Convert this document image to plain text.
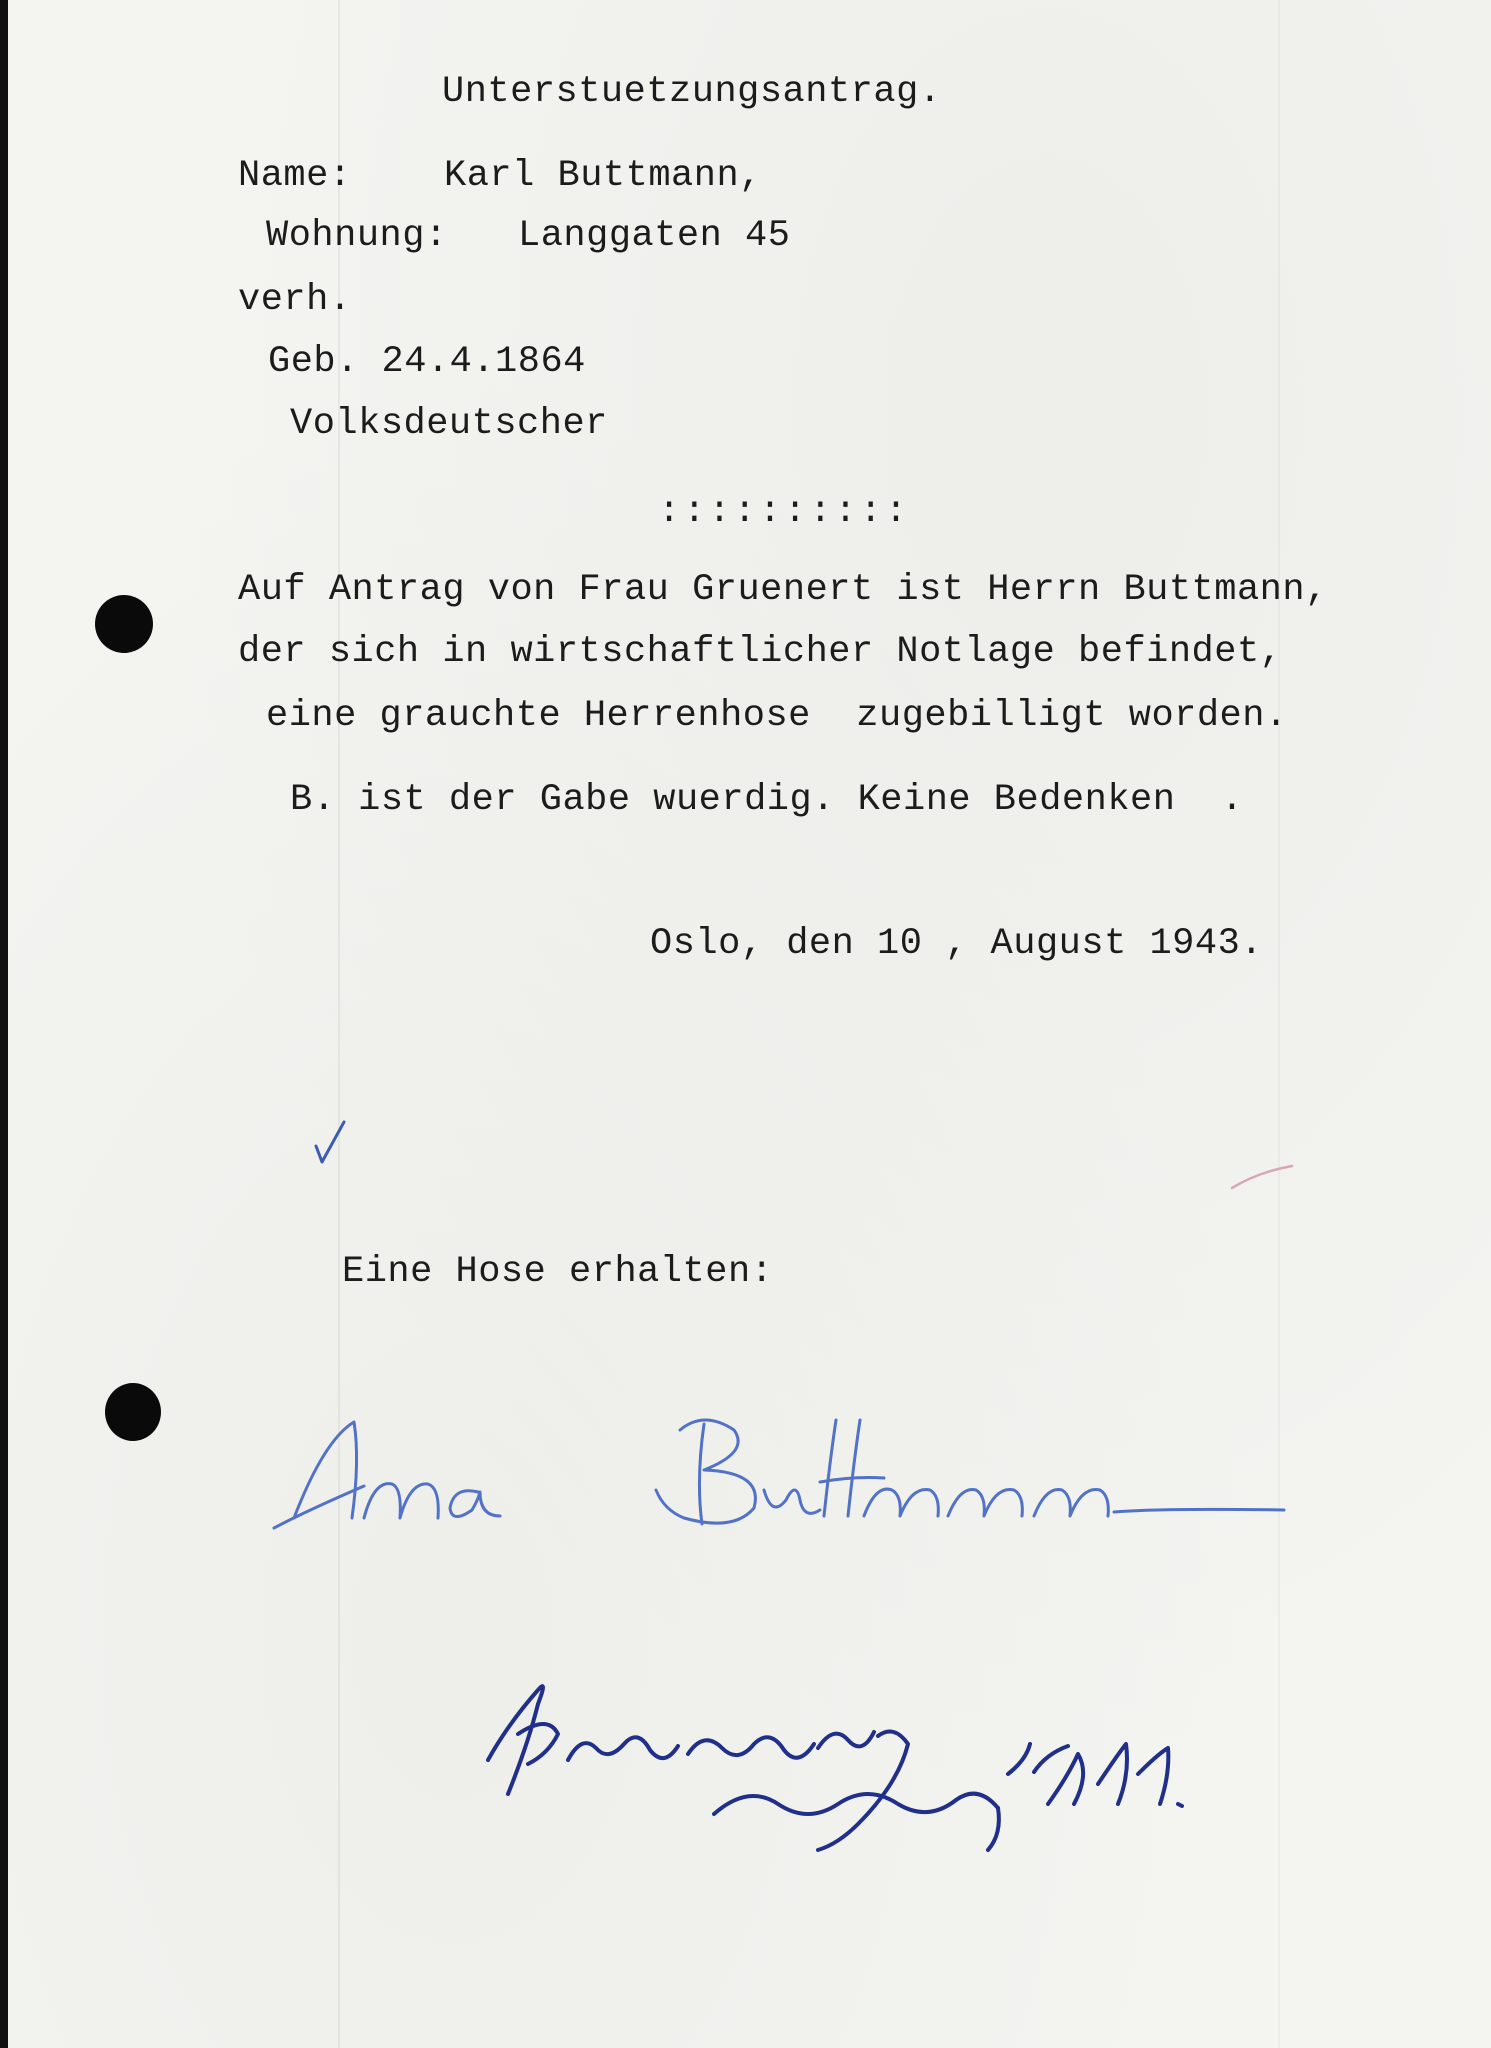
Unterstuetzungsantrag.
Name: Karl Buttmann,
Wohnung: Langgaten 45
verh.
Geb. 24.4.1864
Volksdeutscher
::::::::::
Auf Antrag von Frau Gruenert ist Herrn Buttmann,
der sich in wirtschaftlicher Notlage befindet,
eine grauchte Herrenhose  zugebilligt worden.
B. ist der Gabe wuerdig. Keine Bedenken  .
Oslo, den 10 , August 1943.
Eine Hose erhalten:
